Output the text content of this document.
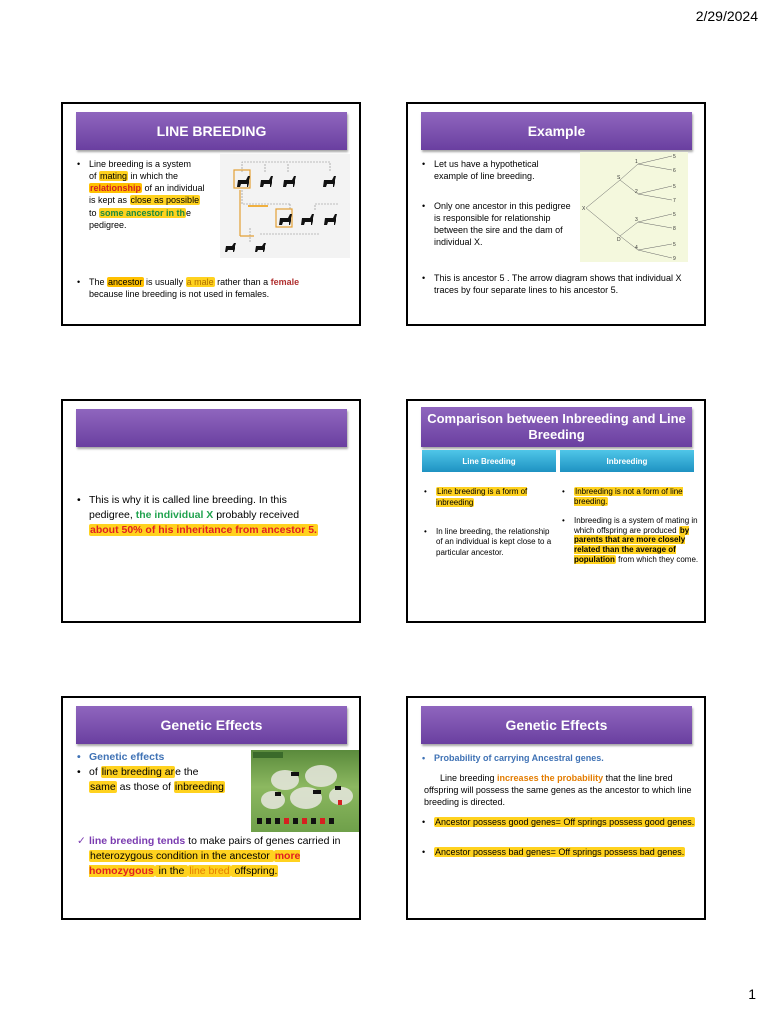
2/29/2024
LINE BREEDING
• Line breeding is a system
of mating in which the
relationship of an individual
is kept as close as possible
to some ancestor in the
pedigree.
• The ancestor is usually a male rather than a female
because line breeding is not used in females.
Example
• Let us have a hypothetical example of line breeding.
• Only one ancestor in this pedigree is responsible for relationship between the sire and the dam of individual X.
X
S
D
1
2
3
4
5
6
5
7
5
8
5
9
• This is ancestor 5 . The arrow diagram shows that individual X traces by four separate lines to his ancestor 5.
• This is why it is called line breeding. In this
pedigree, the individual X probably received
about 50% of his inheritance from ancestor 5.
Comparison between Inbreeding and Line Breeding
Line Breeding	Inbreeding
• Line breeding is a form of inbreeding
• In line breeding, the relationship of an individual is kept close to a particular ancestor.
• Inbreeding is not a form of line breeding.
• Inbreeding is a system of mating in which offspring are produced by parents that are more closely related than the average of population from which they come.
Genetic Effects
• Genetic effects
• of line breeding are the
same as those of inbreeding
✓ line breeding tends to make pairs of genes carried in heterozygous condition in the ancestor more homozygous in the line bred offspring.
Genetic Effects
• Probability of carrying Ancestral genes.
Line breeding increases the probability that the line bred offspring will possess the same genes as the ancestor to which line breeding is directed.
• Ancestor possess good genes= Off springs possess good genes.
• Ancestor possess bad genes= Off springs possess bad genes.
1
